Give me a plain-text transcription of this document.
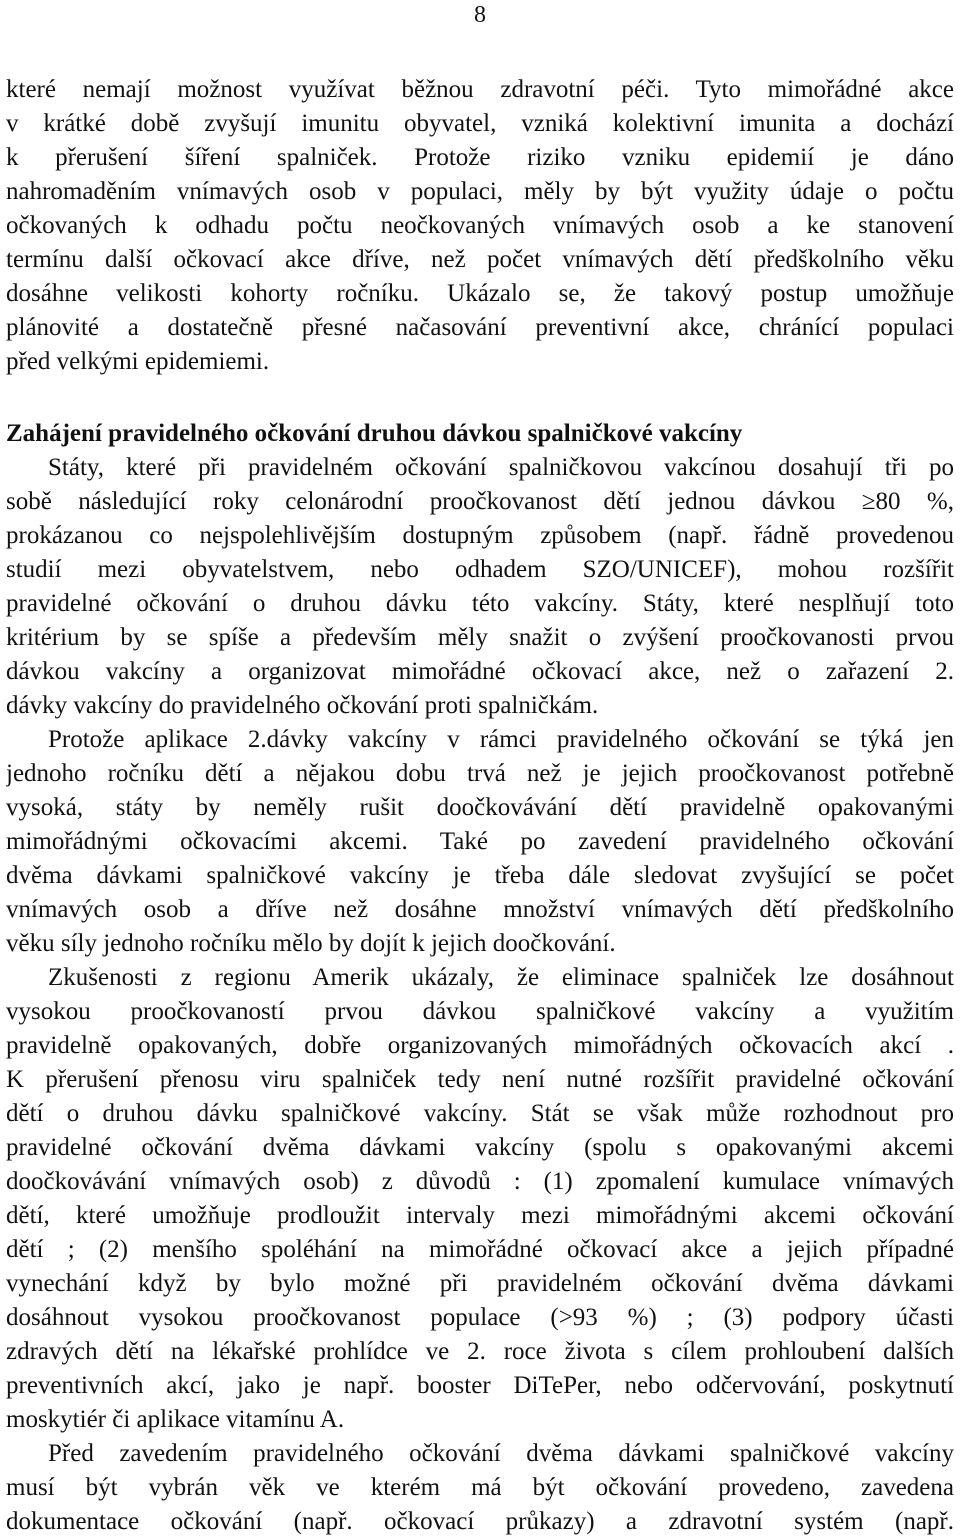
8
které nemají možnost využívat běžnou zdravotní péči. Tyto mimořádné akce
v krátké době zvyšují imunitu obyvatel, vzniká kolektivní imunita a dochází
k přerušení šíření spalniček. Protože riziko vzniku epidemií je dáno
nahromaděním vnímavých osob v populaci, měly by být využity údaje o počtu
očkovaných k odhadu počtu neočkovaných vnímavých osob a ke stanovení
termínu další očkovací akce dříve, než počet vnímavých dětí předškolního věku
dosáhne velikosti kohorty ročníku. Ukázalo se, že takový postup umožňuje
plánovité a dostatečně přesné načasování preventivní akce, chránící populaci
před velkými epidemiemi.
Zahájení pravidelného očkování druhou dávkou spalničkové vakcíny
Státy, které při pravidelném očkování spalničkovou vakcínou dosahují tři po
sobě následující roky celonárodní proočkovanost dětí jednou dávkou ≥80 %,
prokázanou co nejspolehlivějším dostupným způsobem (např. řádně provedenou
studií mezi obyvatelstvem, nebo odhadem SZO/UNICEF), mohou rozšířit
pravidelné očkování o druhou dávku této vakcíny. Státy, které nesplňují toto
kritérium by se spíše a především měly snažit o zvýšení proočkovanosti prvou
dávkou vakcíny a organizovat mimořádné očkovací akce, než o zařazení 2.
dávky vakcíny do pravidelného očkování proti spalničkám.
Protože aplikace 2.dávky vakcíny v rámci pravidelného očkování se týká jen
jednoho ročníku dětí a nějakou dobu trvá než je jejich proočkovanost potřebně
vysoká, státy by neměly rušit doočkovávání dětí pravidelně opakovanými
mimořádnými očkovacími akcemi. Také po zavedení pravidelného očkování
dvěma dávkami spalničkové vakcíny je třeba dále sledovat zvyšující se počet
vnímavých osob a dříve než dosáhne množství vnímavých dětí předškolního
věku síly jednoho ročníku mělo by dojít k jejich doočkování.
Zkušenosti z regionu Amerik ukázaly, že eliminace spalniček lze dosáhnout
vysokou proočkovaností prvou dávkou spalničkové vakcíny a využitím
pravidelně opakovaných, dobře organizovaných mimořádných očkovacích akcí .
K přerušení přenosu viru spalniček tedy není nutné rozšířit pravidelné očkování
dětí o druhou dávku spalničkové vakcíny. Stát se však může rozhodnout pro
pravidelné očkování dvěma dávkami vakcíny (spolu s opakovanými akcemi
doočkovávání vnímavých osob) z důvodů : (1) zpomalení kumulace vnímavých
dětí, které umožňuje prodloužit intervaly mezi mimořádnými akcemi očkování
dětí ; (2) menšího spoléhání na mimořádné očkovací akce a jejich případné
vynechání když by bylo možné při pravidelném očkování dvěma dávkami
dosáhnout vysokou proočkovanost populace (>93 %) ; (3) podpory účasti
zdravých dětí na lékařské prohlídce ve 2. roce života s cílem prohloubení dalších
preventivních akcí, jako je např. booster DiTePer, nebo odčervování, poskytnutí
moskytiér či aplikace vitamínu A.
Před zavedením pravidelného očkování dvěma dávkami spalničkové vakcíny
musí být vybrán věk ve kterém má být očkování provedeno, zavedena
dokumentace očkování (např. očkovací průkazy) a zdravotní systém (např.
